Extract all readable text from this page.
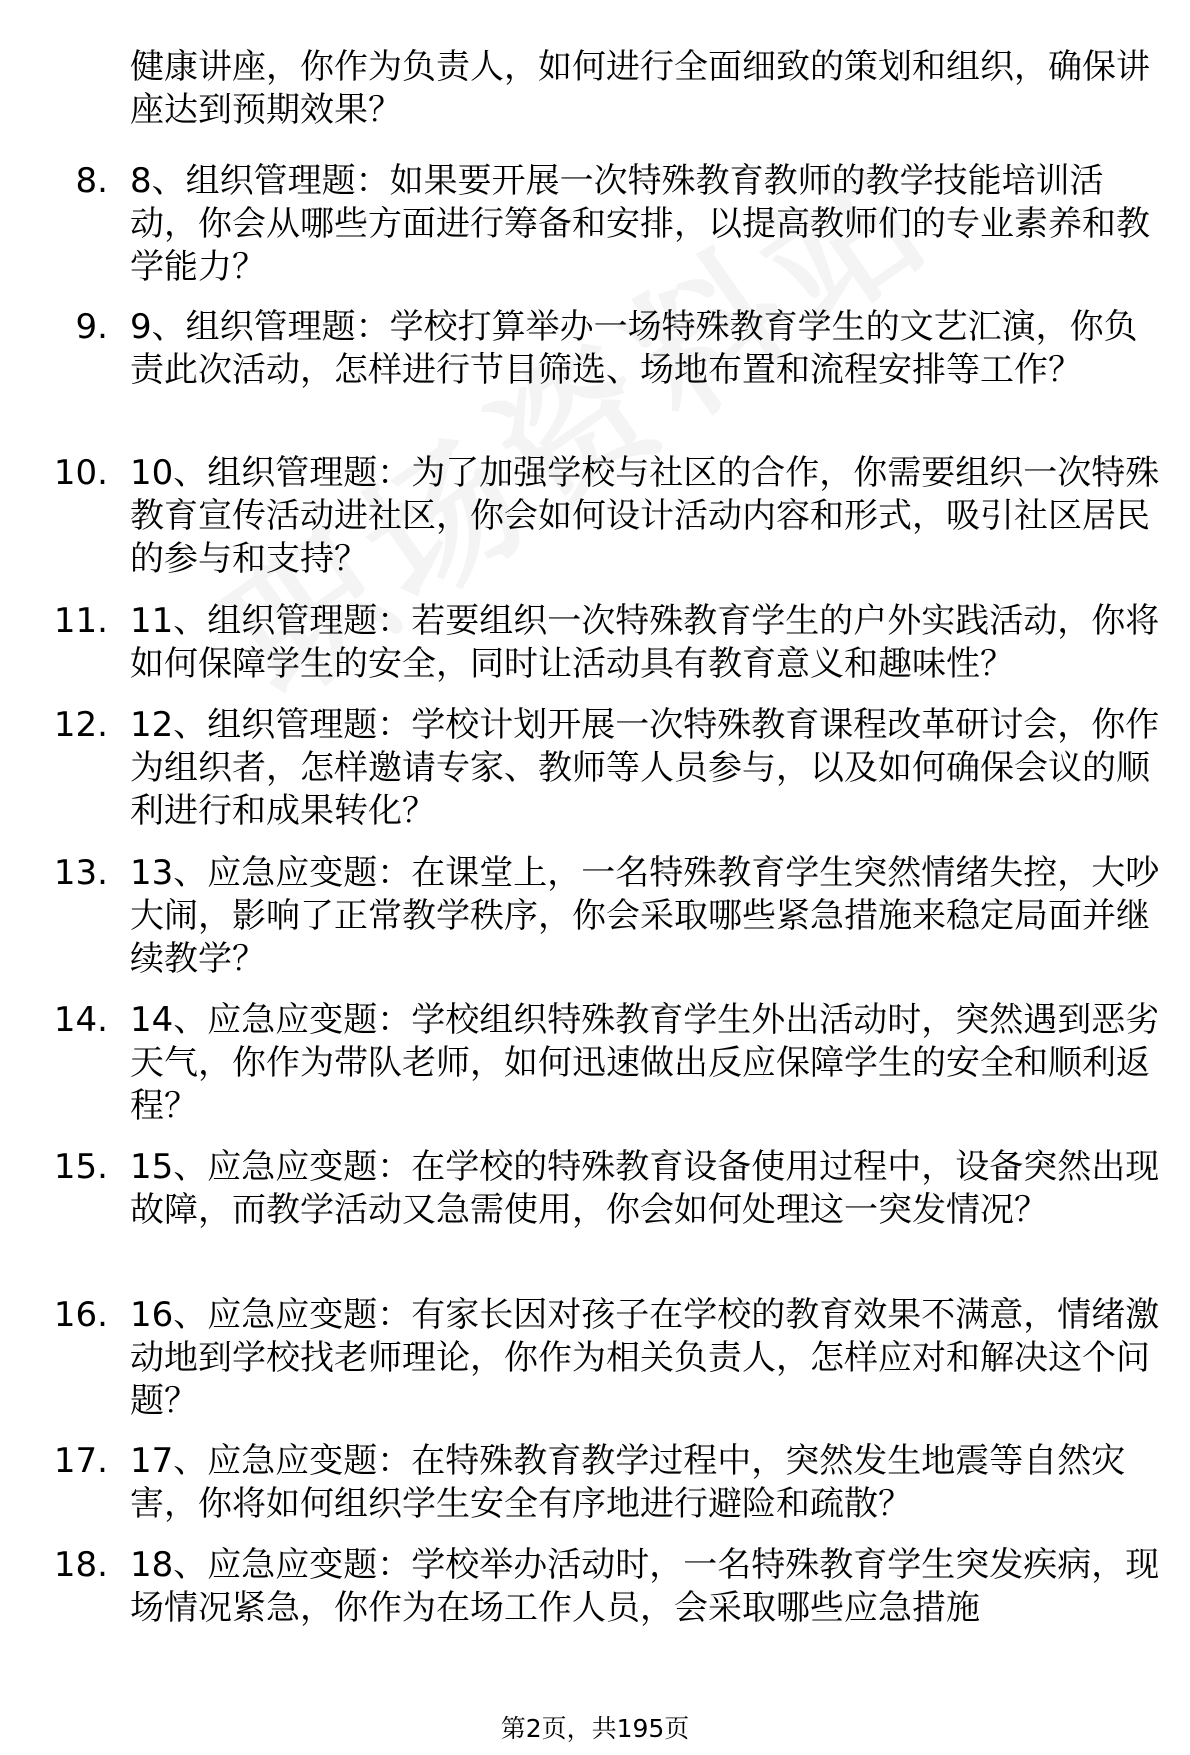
健康讲座，你作为负责人，如何进行全面细致的策划和组织，确保讲座达到预期效果？
8. 8、组织管理题：如果要开展一次特殊教育教师的教学技能培训活动，你会从哪些方面进行筹备和安排，以提高教师们的专业素养和教学能力？
9. 9、组织管理题：学校打算举办一场特殊教育学生的文艺汇演，你负责此次活动，怎样进行节目筛选、场地布置和流程安排等工作？
10. 10、组织管理题：为了加强学校与社区的合作，你需要组织一次特殊教育宣传活动进社区，你会如何设计活动内容和形式，吸引社区居民的参与和支持？
11. 11、组织管理题：若要组织一次特殊教育学生的户外实践活动，你将如何保障学生的安全，同时让活动具有教育意义和趣味性？
12. 12、组织管理题：学校计划开展一次特殊教育课程改革研讨会，你作为组织者，怎样邀请专家、教师等人员参与，以及如何确保会议的顺利进行和成果转化？
13. 13、应急应变题：在课堂上，一名特殊教育学生突然情绪失控，大吵大闹，影响了正常教学秩序，你会采取哪些紧急措施来稳定局面并继续教学？
14. 14、应急应变题：学校组织特殊教育学生外出活动时，突然遇到恶劣天气，你作为带队老师，如何迅速做出反应保障学生的安全和顺利返程？
15. 15、应急应变题：在学校的特殊教育设备使用过程中，设备突然出现故障，而教学活动又急需使用，你会如何处理这一突发情况？
16. 16、应急应变题：有家长因对孩子在学校的教育效果不满意，情绪激动地到学校找老师理论，你作为相关负责人，怎样应对和解决这个问题？
17. 17、应急应变题：在特殊教育教学过程中，突然发生地震等自然灾害，你将如何组织学生安全有序地进行避险和疏散？
18. 18、应急应变题：学校举办活动时，一名特殊教育学生突发疾病，现场情况紧急，你作为在场工作人员，会采取哪些应急措施
第2页，共195页
